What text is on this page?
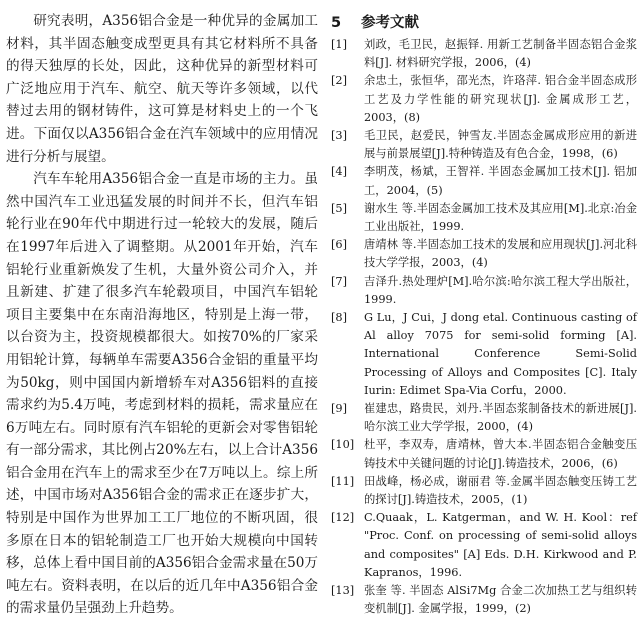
研究表明，A356铝合金是一种优异的金属加工材料，其半固态触变成型更具有其它材料所不具备的得天独厚的长处，因此，这种优异的新型材料可广泛地应用于汽车、航空、航天等许多领域，以代替过去用的钢材铸件，这可算是材料史上的一个飞进。下面仅以A356铝合金在汽车领域中的应用情况进行分析与展望。

汽车车轮用A356铝合金一直是市场的主力。虽然中国汽车工业迅猛发展的时间并不长，但汽车铝轮行业在90年代中期进行过一轮较大的发展，随后在1997年后进入了调整期。从2001年开始，汽车铝轮行业重新焕发了生机，大量外资公司介入，并且新建、扩建了很多汽车轮毂项目，中国汽车铝轮项目主要集中在东南沿海地区，特别是上海一带，以台资为主，投资规模都很大。如按70%的厂家采用铝轮计算，每辆单车需要A356合金铝的重量平均为50kg，则中国国内新增轿车对A356铝料的直接需求约为5.4万吨，考虑到材料的损耗，需求量应在6万吨左右。同时原有汽车铝轮的更新会对零售铝轮有一部分需求，其比例占20%左右，以上合计A356铝合金用在汽车上的需求至少在7万吨以上。综上所述，中国市场对A356铝合金的需求正在逐步扩大，特别是中国作为世界加工工厂地位的不断巩固，很多原在日本的铝轮制造工厂也开始大规模向中国转移，总体上看中国目前的A356铝合金需求量在50万吨左右。资料表明，在以后的近几年中A356铝合金的需求量仍呈强劲上升趋势。

5 参考文献
[1] 刘政，毛卫民，赵振铎. 用新工艺制备半固态铝合金浆料[J]. 材料研究学报，2006，(4)
[2] 余忠土，张恒华，邵光杰，许珞萍. 铝合金半固态成形工艺及力学性能的研究现状[J]. 金属成形工艺，2003，(8)
[3] 毛卫民，赵爱民，钟雪友.半固态金属成形应用的新进展与前景展望[J].特种铸造及有色合金，1998，(6)
[4] 李明茂，杨斌，王智祥. 半固态金属加工技术[J]. 铝加工，2004，(5)
[5] 谢水生 等.半固态金属加工技术及其应用[M].北京:冶金工业出版社，1999.
[6] 唐靖林 等.半固态加工技术的发展和应用现状[J].河北科技大学学报，2003，(4)
[7] 吉泽升.热处理炉[M].哈尔滨:哈尔滨工程大学出版社，1999.
[8] G Lu，J Cui，J dong etal. Continuous casting of Al alloy 7075 for semi-solid forming [A]. International Conference Semi-Solid Processing of Alloys and Composites [C]. Italy Iurin: Edimet Spa-Via Corfu，2000.
[9] 崔建忠，路贵民，刘丹.半固态浆制备技术的新进展[J]. 哈尔滨工业大学学报，2000，(4)
[10] 杜平，李双寿，唐靖林，曾大本.半固态铝合金触变压铸技术中关键问题的讨论[J].铸造技术，2006，(6)
[11] 田战峰，杨必成，谢丽君 等.金属半固态触变压铸工艺的探讨[J].铸造技术，2005，(1)
[12] C.Quaak，L. Katgerman，and W. H. Kool：ref "Proc. Conf. on processing of semi-solid alloys and composites" [A] Eds. D.H. Kirkwood and P. Kapranos，1996.
[13] 张奎 等. 半固态 AlSi7Mg 合金二次加热工艺与组织转变机制[J]. 金属学报，1999，(2)
